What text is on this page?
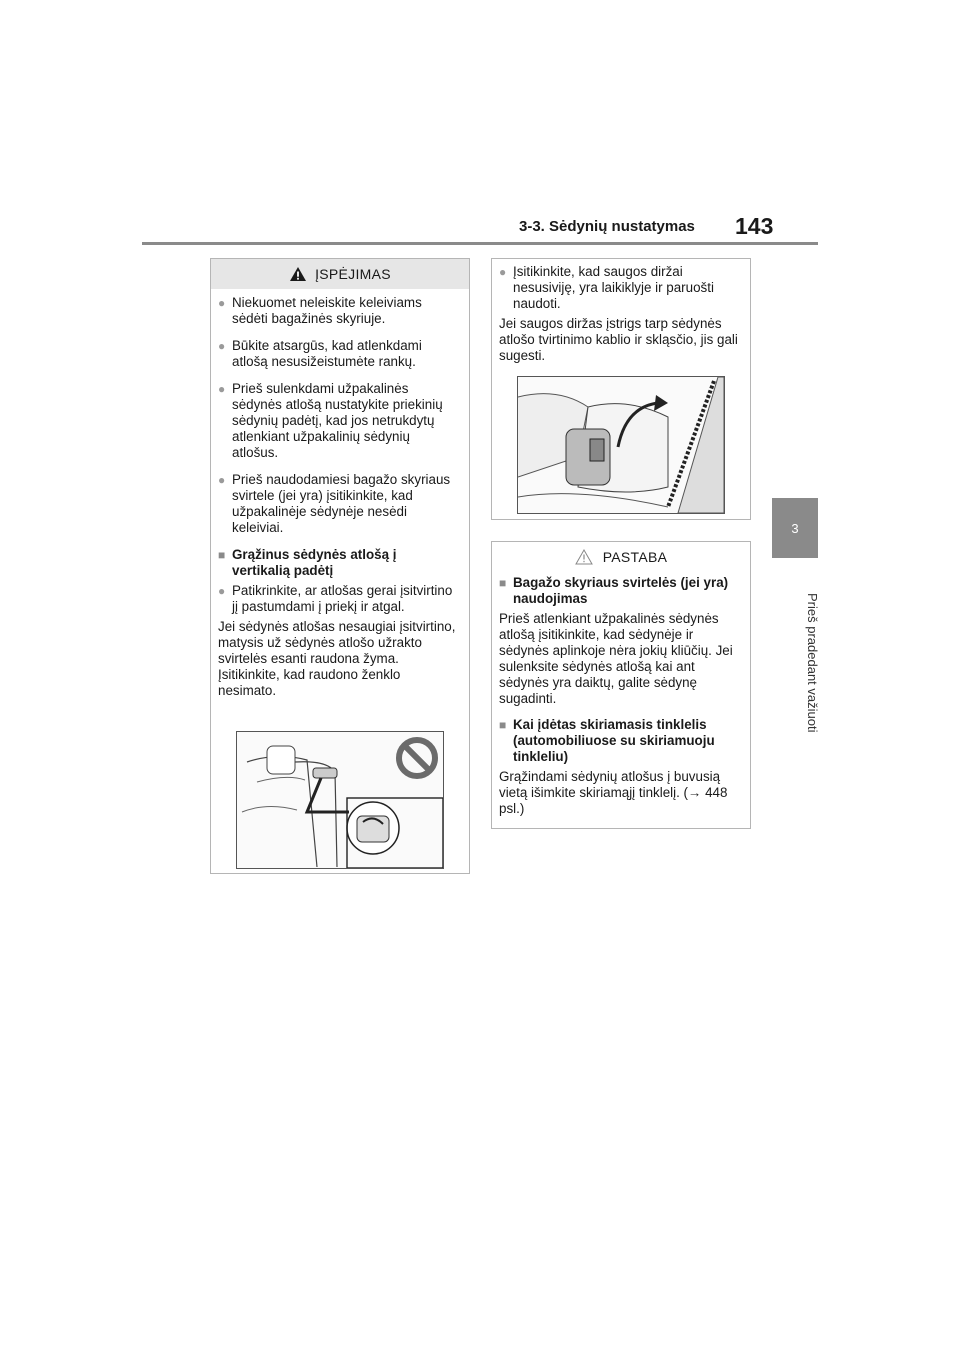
3-3. Sėdynių nustatymas 143
3
Prieš pradedant važiuoti
ĮSPĖJIMAS
● Niekuomet neleiskite keleiviams sėdėti bagažinės skyriuje.
● Būkite atsargūs, kad atlenkdami atlošą nesusižeistumėte rankų.
● Prieš sulenkdami užpakalinės sėdynės atlošą nustatykite priekinių sėdynių padėtį, kad jos netrukdytų atlenkiant užpakalinių sėdynių atlošus.
● Prieš naudodamiesi bagažo skyriaus svirtele (jei yra) įsitikinkite, kad užpakalinėje sėdynėje nesėdi keleiviai.
■ Grąžinus sėdynės atlošą į vertikalią padėtį
● Patikrinkite, ar atlošas gerai įsitvirtino jį pastumdami į priekį ir atgal.
Jei sėdynės atlošas nesaugiai įsitvirtino, matysis už sėdynės atlošo užrakto svirtelės esanti raudona žyma. Įsitikinkite, kad raudono ženklo nesimato.
● Įsitikinkite, kad saugos diržai nesusiviję, yra laikiklyje ir paruošti naudoti.
Jei saugos diržas įstrigs tarp sėdynės atlošo tvirtinimo kablio ir skląsčio, jis gali sugesti.
PASTABA
■ Bagažo skyriaus svirtelės (jei yra) naudojimas
Prieš atlenkiant užpakalinės sėdynės atlošą įsitikinkite, kad sėdynėje ir sėdynės aplinkoje nėra jokių kliūčių. Jei sulenksite sėdynės atlošą kai ant sėdynės yra daiktų, galite sėdynę sugadinti.
■ Kai įdėtas skiriamasis tinklelis (automobiliuose su skiriamuoju tinkleliu)
Grąžindami sėdynių atlošus į buvusią vietą išimkite skiriamąjį tinklelį. (→ 448 psl.)
